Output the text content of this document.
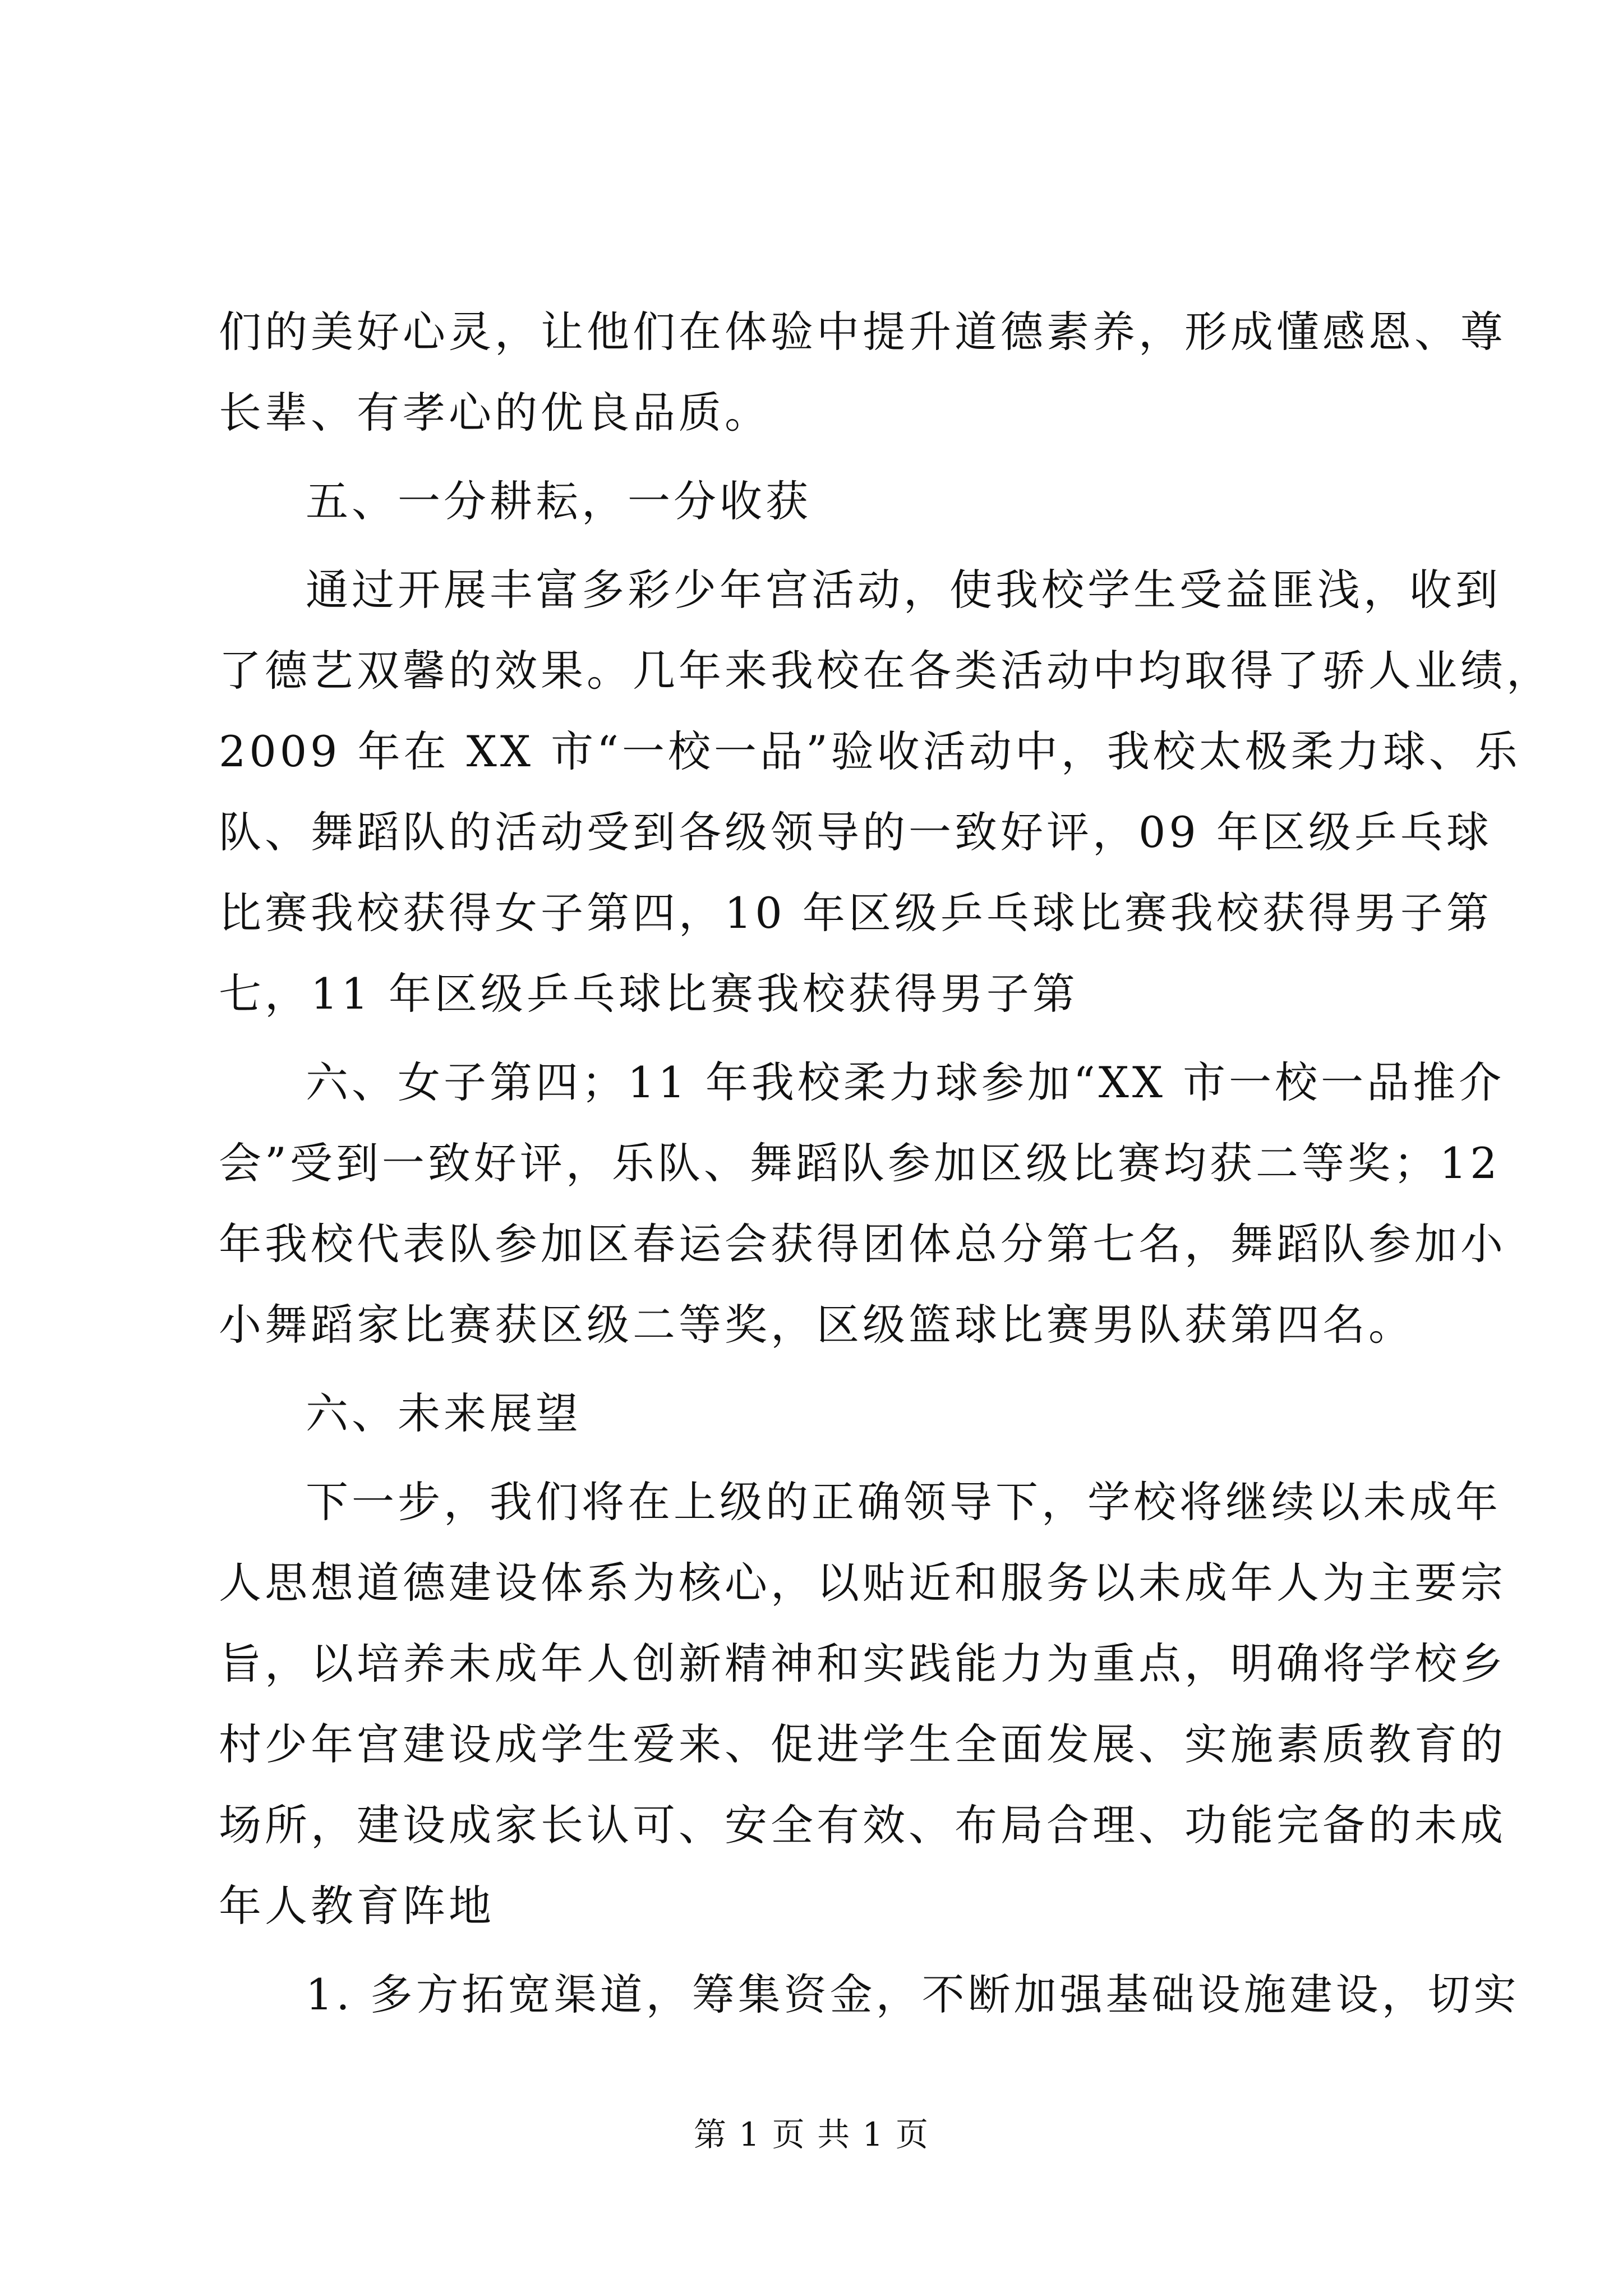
们的美好心灵，让他们在体验中提升道德素养，形成懂感恩、尊
长辈、有孝心的优良品质。
五、一分耕耘，一分收获
通过开展丰富多彩少年宫活动，使我校学生受益匪浅，收到
了德艺双馨的效果。几年来我校在各类活动中均取得了骄人业绩，
2009 年在 XX 市“一校一品”验收活动中，我校太极柔力球、乐
队、舞蹈队的活动受到各级领导的一致好评，09 年区级乒乓球
比赛我校获得女子第四，10 年区级乒乓球比赛我校获得男子第
七，11 年区级乒乓球比赛我校获得男子第
六、女子第四；11 年我校柔力球参加“XX 市一校一品推介
会”受到一致好评，乐队、舞蹈队参加区级比赛均获二等奖；12
年我校代表队参加区春运会获得团体总分第七名，舞蹈队参加小
小舞蹈家比赛获区级二等奖，区级篮球比赛男队获第四名。
六、未来展望
下一步，我们将在上级的正确领导下，学校将继续以未成年
人思想道德建设体系为核心，以贴近和服务以未成年人为主要宗
旨，以培养未成年人创新精神和实践能力为重点，明确将学校乡
村少年宫建设成学生爱来、促进学生全面发展、实施素质教育的
场所，建设成家长认可、安全有效、布局合理、功能完备的未成
年人教育阵地
1. 多方拓宽渠道，筹集资金，不断加强基础设施建设，切实
第 1 页 共 1 页
